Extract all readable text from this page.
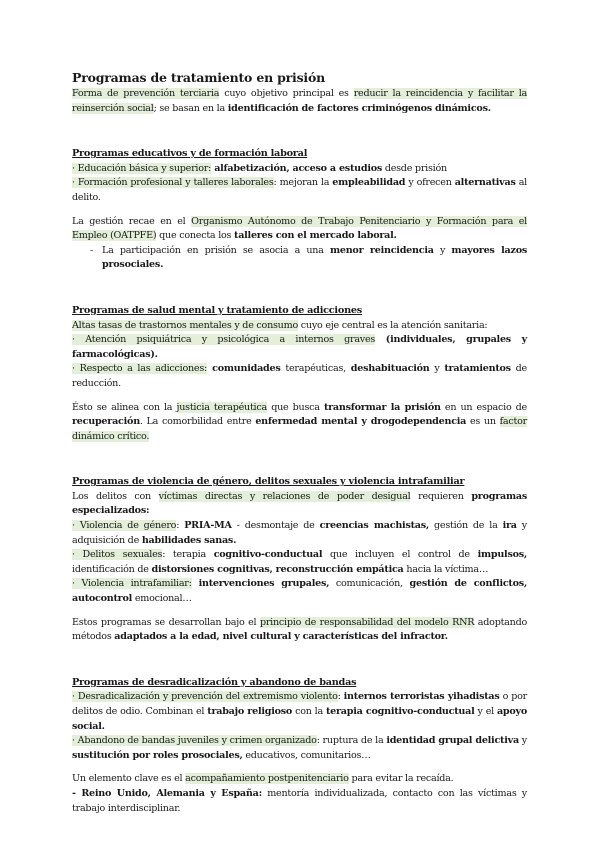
Programas de tratamiento en prisión

Forma de prevención terciaria cuyo objetivo principal es reducir la reincidencia y facilitar la reinserción social; se basan en la identificación de factores criminógenos dinámicos.

Programas educativos y de formación laboral

· Educación básica y superior: alfabetización, acceso a estudios desde prisión

· Formación profesional y talleres laborales: mejoran la empleabilidad y ofrecen alternativas al delito.

La gestión recae en el Organismo Autónomo de Trabajo Penitenciario y Formación para el Empleo (OATPFE) que conecta los talleres con el mercado laboral.

- La participación en prisión se asocia a una menor reincidencia y mayores lazos prosociales.

Programas de salud mental y tratamiento de adicciones

Altas tasas de trastornos mentales y de consumo cuyo eje central es la atención sanitaria:

· Atención psiquiátrica y psicológica a internos graves (individuales, grupales y farmacológicas).

· Respecto a las adicciones: comunidades terapéuticas, deshabituación y tratamientos de reducción.

Ésto se alinea con la justicia terapéutica que busca transformar la prisión en un espacio de recuperación. La comorbilidad entre enfermedad mental y drogodependencia es un factor dinámico crítico.

Programas de violencia de género, delitos sexuales y violencia intrafamiliar

Los delitos con víctimas directas y relaciones de poder desigual requieren programas especializados:

· Violencia de género: PRIA-MA - desmontaje de creencias machistas, gestión de la ira y adquisición de habilidades sanas.

· Delitos sexuales: terapia cognitivo-conductual que incluyen el control de impulsos, identificación de distorsiones cognitivas, reconstrucción empática hacia la víctima…

· Violencia intrafamiliar: intervenciones grupales, comunicación, gestión de conflictos, autocontrol emocional…

Estos programas se desarrollan bajo el principio de responsabilidad del modelo RNR adoptando métodos adaptados a la edad, nivel cultural y características del infractor.

Programas de desradicalización y abandono de bandas

· Desradicalización y prevención del extremismo violento: internos terroristas yihadistas o por delitos de odio. Combinan el trabajo religioso con la terapia cognitivo-conductual y el apoyo social.

· Abandono de bandas juveniles y crimen organizado: ruptura de la identidad grupal delictiva y sustitución por roles prosociales, educativos, comunitarios…

Un elemento clave es el acompañamiento postpenitenciario para evitar la recaída.

- Reino Unido, Alemania y España: mentoría individualizada, contacto con las víctimas y trabajo interdisciplinar.
